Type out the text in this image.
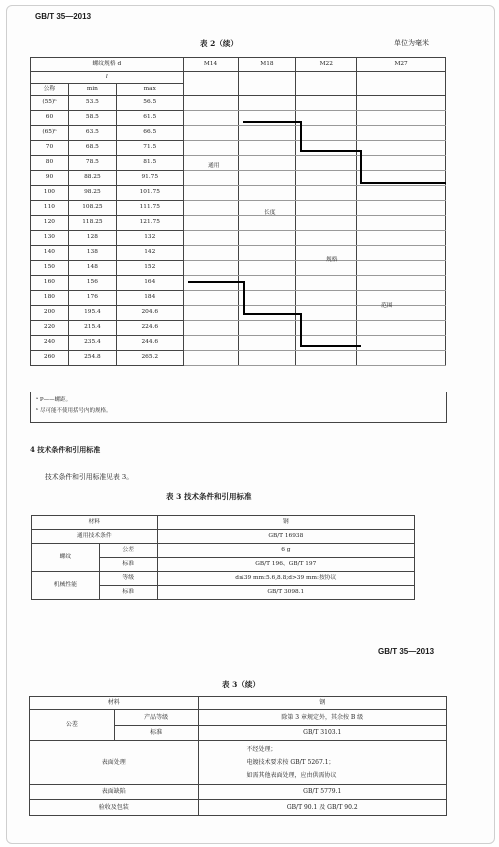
GB/T 35—2013
表 2（续）	单位为毫米
螺纹规格 d			M14	M18	M22	M27
l						
公称	min	max				
(55)ᵇ	53.5	56.5				
60	58.5	61.5				
(65)ᵇ	63.5	66.5				
70	68.5	71.5				
80	78.5	81.5				
90	88.25	91.75				
100	98.25	101.75				
110	108.25	111.75				
120	118.25	121.75				
130	128	132				
140	138	142				
150	148	152				
160	156	164				
180	176	184				
200	195.4	204.6				
220	215.4	224.6				
240	235.4	244.6				
260	254.8	265.2				
通用
长度
规格
范围
ᵃ P——螺距。
ᵇ 尽可能不使用括号内的规格。
4 技术条件和引用标准
技术条件和引用标准见表 3。
表 3 技术条件和引用标准
材料		钢
通用技术条件		GB/T 16938
螺纹	公差	6 g
	标准	GB/T 196、GB/T 197
机械性能	等级	d≤39 mm:5.6,8.8;d>39 mm:按协议
	标准	GB/T 3098.1
GB/T 35—2013
表 3（续）
材料		钢
公差	产品等级	除第 3 章规定外，其余按 B 级
	标准	GB/T 3103.1
表面处理		不经处理；
电镀技术要求按 GB/T 5267.1；
如需其他表面处理，应由供需协议

表面缺陷		GB/T 5779.1
验收及包装		GB/T 90.1 及 GB/T 90.2
